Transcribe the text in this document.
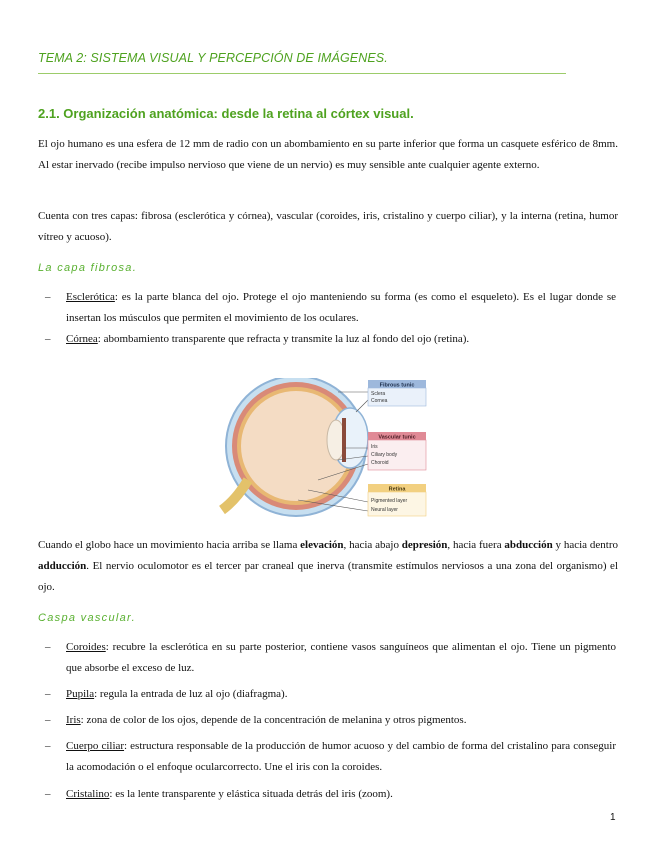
TEMA 2: SISTEMA VISUAL Y PERCEPCIÓN DE IMÁGENES.
2.1. Organización anatómica: desde la retina al córtex visual.
El ojo humano es una esfera de 12 mm de radio con un abombamiento en su parte inferior que forma un casquete esférico de 8mm. Al estar inervado (recibe impulso nervioso que viene de un nervio) es muy sensible ante cualquier agente externo.
Cuenta con tres capas: fibrosa (esclerótica y córnea), vascular (coroides, iris, cristalino y cuerpo ciliar), y la interna (retina, humor vítreo y acuoso).
La capa fibrosa.
– Esclerótica: es la parte blanca del ojo. Protege el ojo manteniendo su forma (es como el esqueleto). Es el lugar donde se insertan los músculos que permiten el movimiento de los oculares.
– Córnea: abombamiento transparente que refracta y transmite la luz al fondo del ojo (retina).
Fibrous tunic
Sclera
Cornea
Vascular tunic
Iris
Ciliary body
Choroid
Retina
Pigmented layer
Neural layer
Cuando el globo hace un movimiento hacia arriba se llama elevación, hacia abajo depresión, hacia fuera abducción y hacia dentro adducción. El nervio oculomotor es el tercer par craneal que inerva (transmite estímulos nerviosos a una zona del organismo) el ojo.
Caspa vascular.
– Coroides: recubre la esclerótica en su parte posterior, contiene vasos sanguíneos que alimentan el ojo. Tiene un pigmento que absorbe el exceso de luz.
– Pupila: regula la entrada de luz al ojo (diafragma).
– Iris: zona de color de los ojos, depende de la concentración de melanina y otros pigmentos.
– Cuerpo ciliar: estructura responsable de la producción de humor acuoso y del cambio de forma del cristalino para conseguir la acomodación o el enfoque ocularcorrecto. Une el iris con la coroides.
– Cristalino: es la lente transparente y elástica situada detrás del iris (zoom).
1
